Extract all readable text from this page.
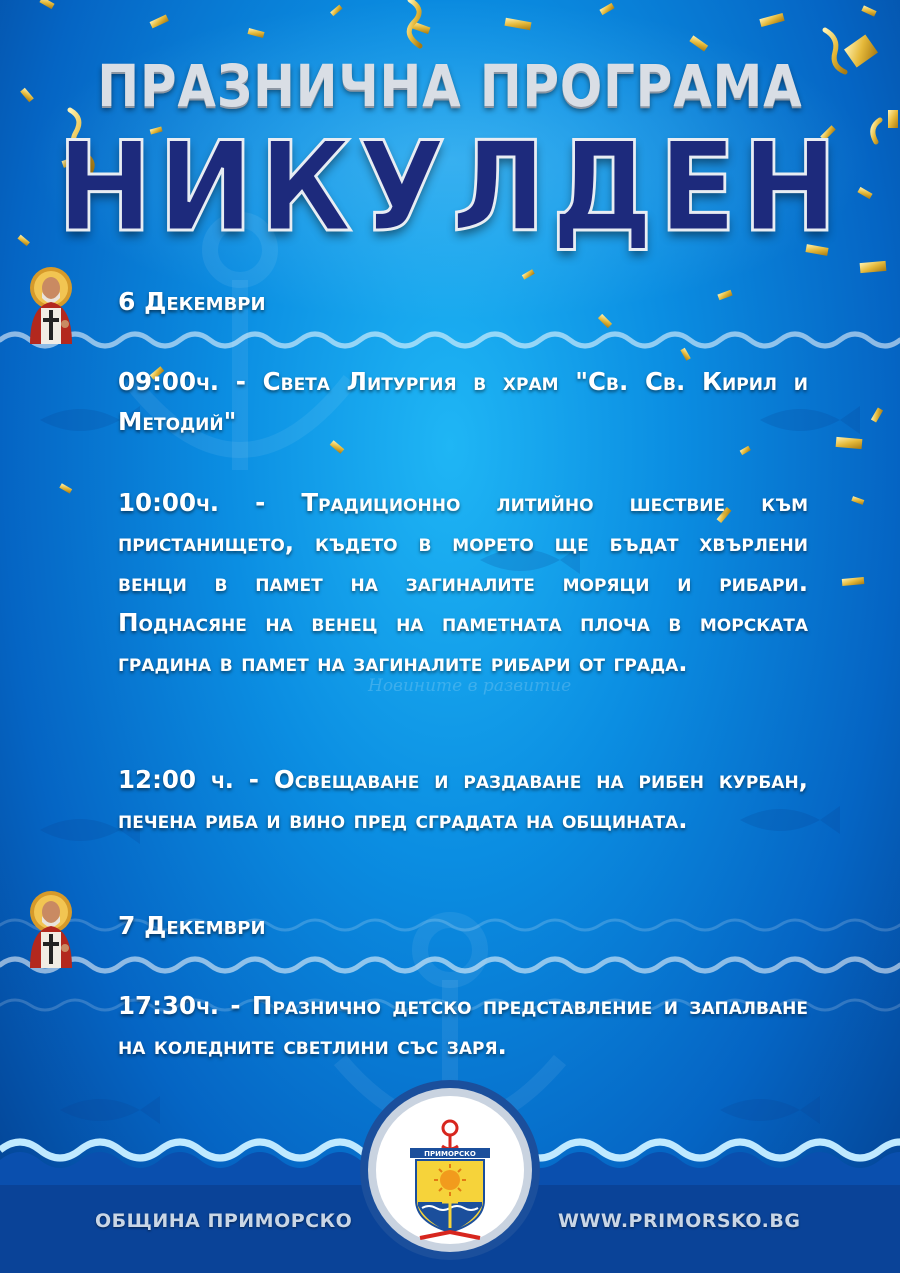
ПРАЗНИЧНА ПРОГРАМА
НИКУЛДЕН
6 Декември
09:00ч. - Света Литургия в храм "Св. Св. Кирил и Методий"
10:00ч. - Традиционно литийно шествие към пристанището, където в морето ще бъдат хвърлени венци в памет на загиналите моряци и рибари. Поднасяне на венец на паметната плоча в морската градина в памет на загиналите рибари от града.
Новините в развитие
12:00 ч. - Освещаване и раздаване на рибен курбан, печена риба и вино пред сградата на общината.
7 Декември
17:30ч. - Празнично детско представление и запалване на коледните светлини със заря.
ПРИМОРСКО
ОБЩИНА ПРИМОРСКО	WWW.PRIMORSKO.BG
